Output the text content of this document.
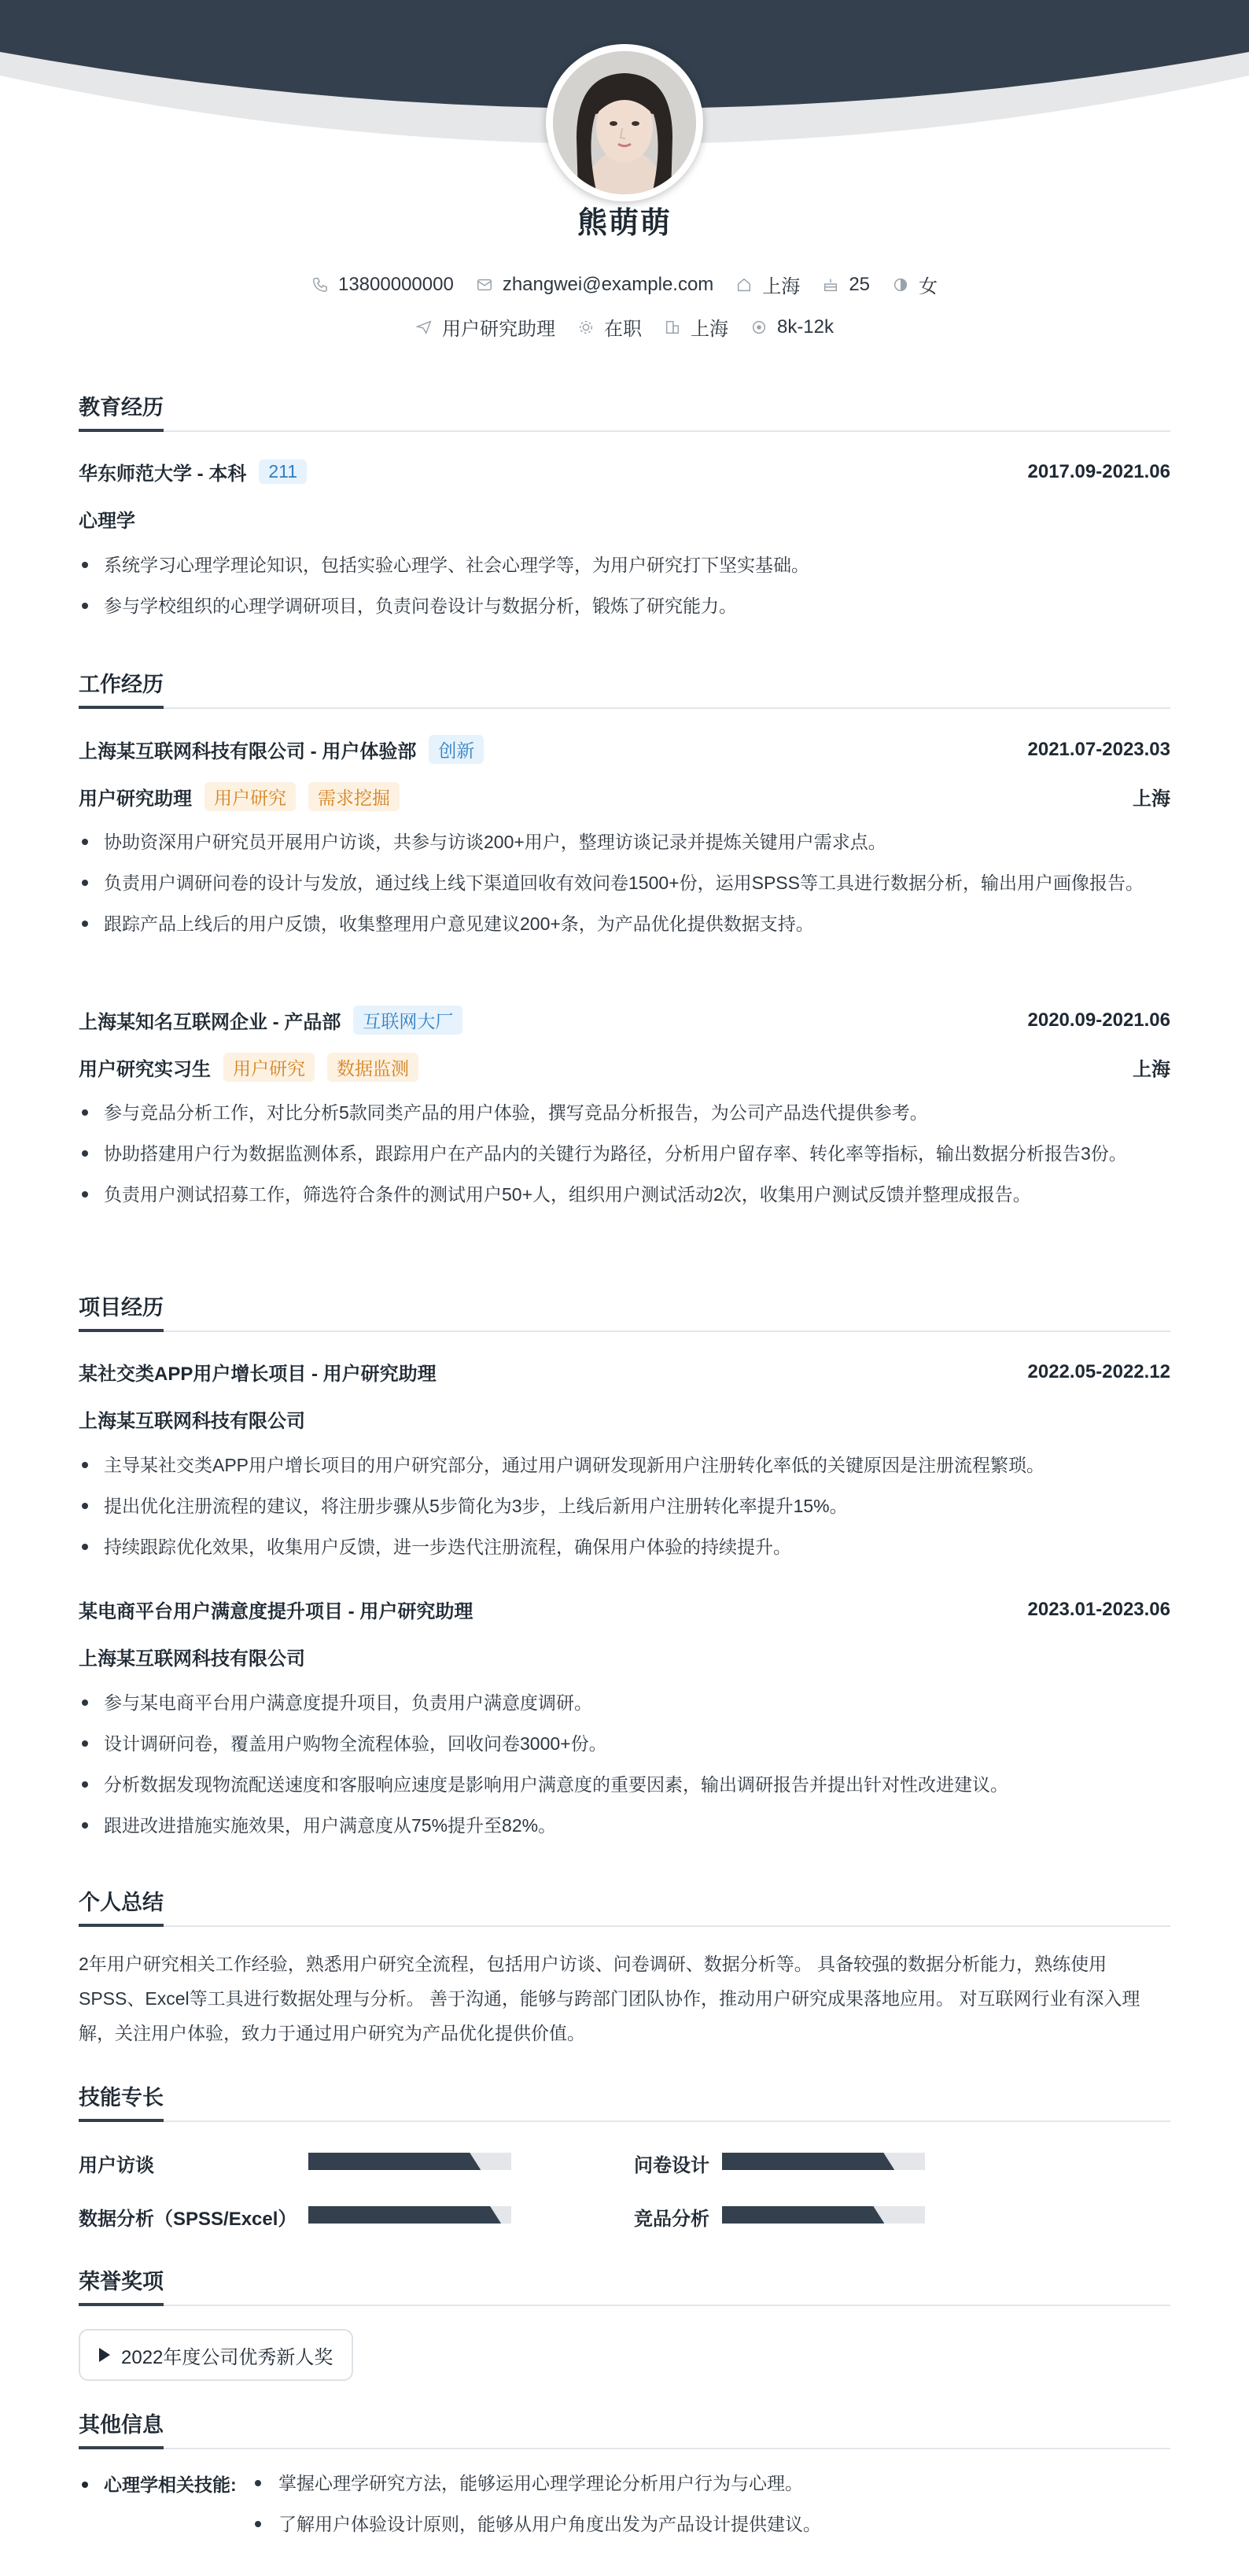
熊萌萌
13800000000	zhangwei@example.com	上海	25	女
用户研究助理	在职	上海	8k-12k
教育经历
华东师范大学 - 本科	211	2017.09-2021.06
心理学
系统学习心理学理论知识，包括实验心理学、社会心理学等，为用户研究打下坚实基础。
参与学校组织的心理学调研项目，负责问卷设计与数据分析，锻炼了研究能力。
工作经历
上海某互联网科技有限公司 - 用户体验部	创新	2021.07-2023.03
用户研究助理	用户研究	需求挖掘	上海
协助资深用户研究员开展用户访谈，共参与访谈200+用户，整理访谈记录并提炼关键用户需求点。
负责用户调研问卷的设计与发放，通过线上线下渠道回收有效问卷1500+份，运用SPSS等工具进行数据分析，输出用户画像报告。
跟踪产品上线后的用户反馈，收集整理用户意见建议200+条，为产品优化提供数据支持。
上海某知名互联网企业 - 产品部	互联网大厂	2020.09-2021.06
用户研究实习生	用户研究	数据监测	上海
参与竞品分析工作，对比分析5款同类产品的用户体验，撰写竞品分析报告，为公司产品迭代提供参考。
协助搭建用户行为数据监测体系，跟踪用户在产品内的关键行为路径，分析用户留存率、转化率等指标，输出数据分析报告3份。
负责用户测试招募工作，筛选符合条件的测试用户50+人，组织用户测试活动2次，收集用户测试反馈并整理成报告。
项目经历
某社交类APP用户增长项目 - 用户研究助理	2022.05-2022.12
上海某互联网科技有限公司
主导某社交类APP用户增长项目的用户研究部分，通过用户调研发现新用户注册转化率低的关键原因是注册流程繁琐。
提出优化注册流程的建议，将注册步骤从5步简化为3步，上线后新用户注册转化率提升15%。
持续跟踪优化效果，收集用户反馈，进一步迭代注册流程，确保用户体验的持续提升。
某电商平台用户满意度提升项目 - 用户研究助理	2023.01-2023.06
上海某互联网科技有限公司
参与某电商平台用户满意度提升项目，负责用户满意度调研。
设计调研问卷，覆盖用户购物全流程体验，回收问卷3000+份。
分析数据发现物流配送速度和客服响应速度是影响用户满意度的重要因素，输出调研报告并提出针对性改进建议。
跟进改进措施实施效果，用户满意度从75%提升至82%。
个人总结
2年用户研究相关工作经验，熟悉用户研究全流程，包括用户访谈、问卷调研、数据分析等。 具备较强的数据分析能力，熟练使用SPSS、Excel等工具进行数据处理与分析。 善于沟通，能够与跨部门团队协作，推动用户研究成果落地应用。 对互联网行业有深入理解，关注用户体验，致力于通过用户研究为产品优化提供价值。
技能专长
用户访谈	问卷设计
数据分析（SPSS/Excel）	竞品分析
荣誉奖项
2022年度公司优秀新人奖
其他信息
心理学相关技能:	掌握心理学研究方法，能够运用心理学理论分析用户行为与心理。
了解用户体验设计原则，能够从用户角度出发为产品设计提供建议。
